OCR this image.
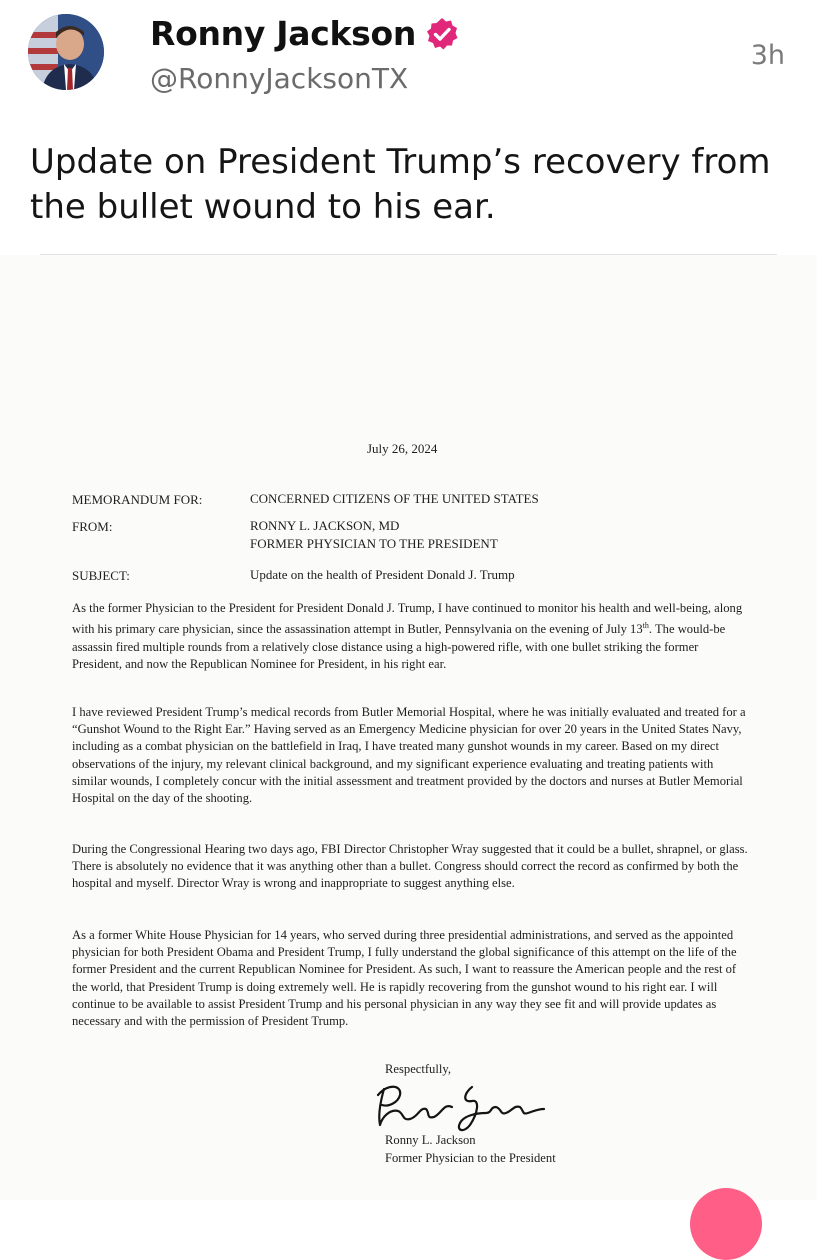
Ronny Jackson
@RonnyJacksonTX
3h
Update on President Trump’s recovery from the bullet wound to his ear.
July 26, 2024
MEMORANDUM FOR:	CONCERNED CITIZENS OF THE UNITED STATES
FROM:	RONNY L. JACKSON, MD
FORMER PHYSICIAN TO THE PRESIDENT
SUBJECT:	Update on the health of President Donald J. Trump
As the former Physician to the President for President Donald J. Trump, I have continued to monitor his health and well-being, along with his primary care physician, since the assassination attempt in Butler, Pennsylvania on the evening of July 13th. The would-be assassin fired multiple rounds from a relatively close distance using a high-powered rifle, with one bullet striking the former President, and now the Republican Nominee for President, in his right ear.
I have reviewed President Trump’s medical records from Butler Memorial Hospital, where he was initially evaluated and treated for a “Gunshot Wound to the Right Ear.” Having served as an Emergency Medicine physician for over 20 years in the United States Navy, including as a combat physician on the battlefield in Iraq, I have treated many gunshot wounds in my career. Based on my direct observations of the injury, my relevant clinical background, and my significant experience evaluating and treating patients with similar wounds, I completely concur with the initial assessment and treatment provided by the doctors and nurses at Butler Memorial Hospital on the day of the shooting.
During the Congressional Hearing two days ago, FBI Director Christopher Wray suggested that it could be a bullet, shrapnel, or glass. There is absolutely no evidence that it was anything other than a bullet. Congress should correct the record as confirmed by both the hospital and myself. Director Wray is wrong and inappropriate to suggest anything else.
As a former White House Physician for 14 years, who served during three presidential administrations, and served as the appointed physician for both President Obama and President Trump, I fully understand the global significance of this attempt on the life of the former President and the current Republican Nominee for President. As such, I want to reassure the American people and the rest of the world, that President Trump is doing extremely well. He is rapidly recovering from the gunshot wound to his right ear. I will continue to be available to assist President Trump and his personal physician in any way they see fit and will provide updates as necessary and with the permission of President Trump.
Respectfully,
Ronny L. Jackson
Former Physician to the President
